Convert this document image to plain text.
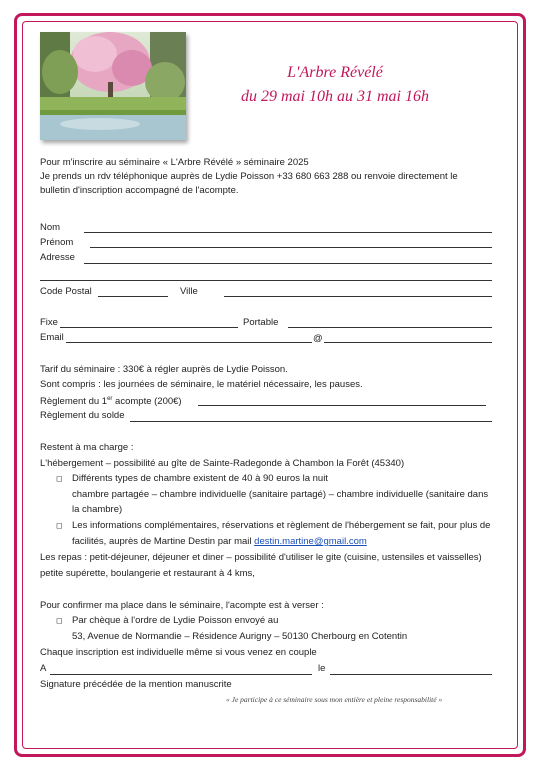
L'Arbre Révélé
du 29 mai 10h au 31 mai 16h
Pour m'inscrire au séminaire « L'Arbre Révélé » séminaire 2025
Je prends un rdv téléphonique auprès de Lydie Poisson +33 680 663 288 ou renvoie directement le
bulletin d'inscription accompagné de l'acompte.
Nom
Prénom
Adresse
Code Postal	Ville
Fixe	Portable
Email	@
Tarif du séminaire : 330€ à régler auprès de Lydie Poisson.
Sont compris : les journées de séminaire, le matériel nécessaire, les pauses.
Règlement du 1er acompte (200€)
Règlement du solde
Restent à ma charge :
L'hébergement – possibilité au gîte de Sainte-Radegonde à Chambon la Forêt (45340)
◻ Différents types de chambre existent de 40 à 90 euros la nuit
chambre partagée – chambre individuelle (sanitaire partagé) – chambre individuelle (sanitaire dans
la chambre)
◻ Les informations complémentaires, réservations et règlement de l'hébergement se fait, pour plus de
facilités, auprès de Martine Destin par mail destin.martine@gmail.com
Les repas : petit-déjeuner, déjeuner et diner – possibilité d'utiliser le gite (cuisine, ustensiles et vaisselles)
petite supérette, boulangerie et restaurant à 4 kms,
Pour confirmer ma place dans le séminaire, l'acompte est à verser :
◻ Par chèque à l'ordre de Lydie Poisson envoyé au
53, Avenue de Normandie – Résidence Aurigny – 50130 Cherbourg en Cotentin
Chaque inscription est individuelle même si vous venez en couple
A	le
Signature précédée de la mention manuscrite
« Je participe à ce séminaire sous mon entière et pleine responsabilité »
